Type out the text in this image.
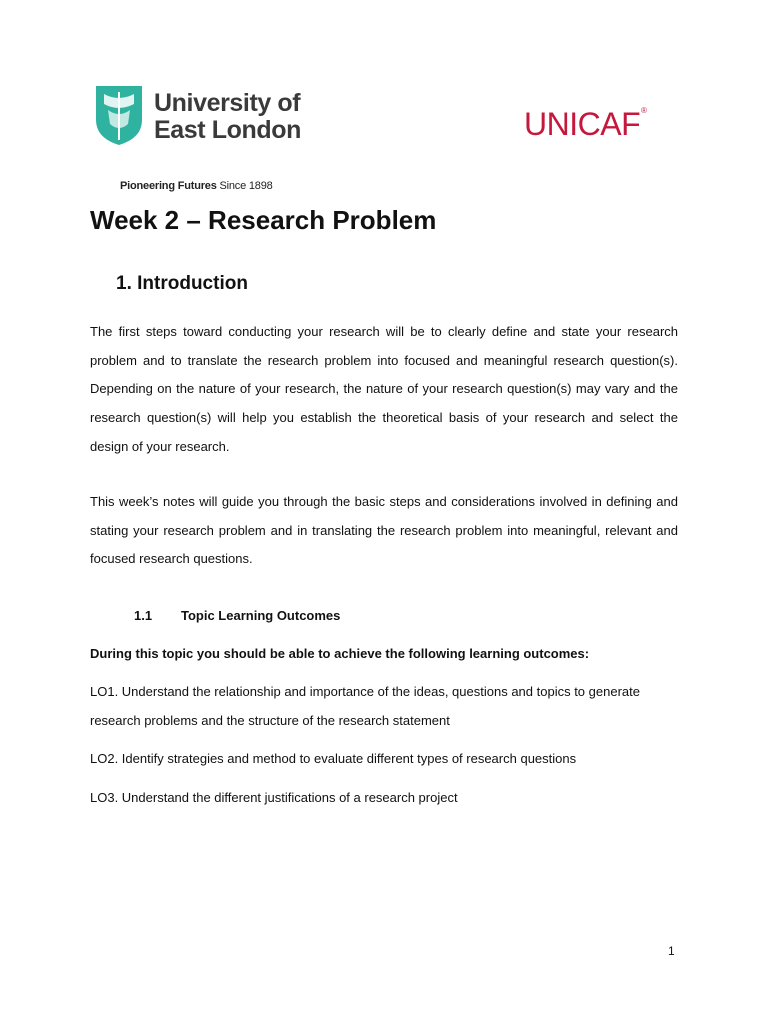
University of
East London
Pioneering Futures Since 1898
UNICAF ®
Week 2 – Research Problem
1. Introduction

The first steps toward conducting your research will be to clearly define and state your research problem and to translate the research problem into focused and meaningful research question(s). Depending on the nature of your research, the nature of your research question(s) may vary and the research question(s) will help you establish the theoretical basis of your research and select the design of your research.

This week’s notes will guide you through the basic steps and considerations involved in defining and stating your research problem and in translating the research problem into meaningful, relevant and focused research questions.

1.1 Topic Learning Outcomes

During this topic you should be able to achieve the following learning outcomes:

LO1. Understand the relationship and importance of the ideas, questions and topics to generate research problems and the structure of the research statement

LO2. Identify strategies and method to evaluate different types of research questions

LO3. Understand the different justifications of a research project

1
